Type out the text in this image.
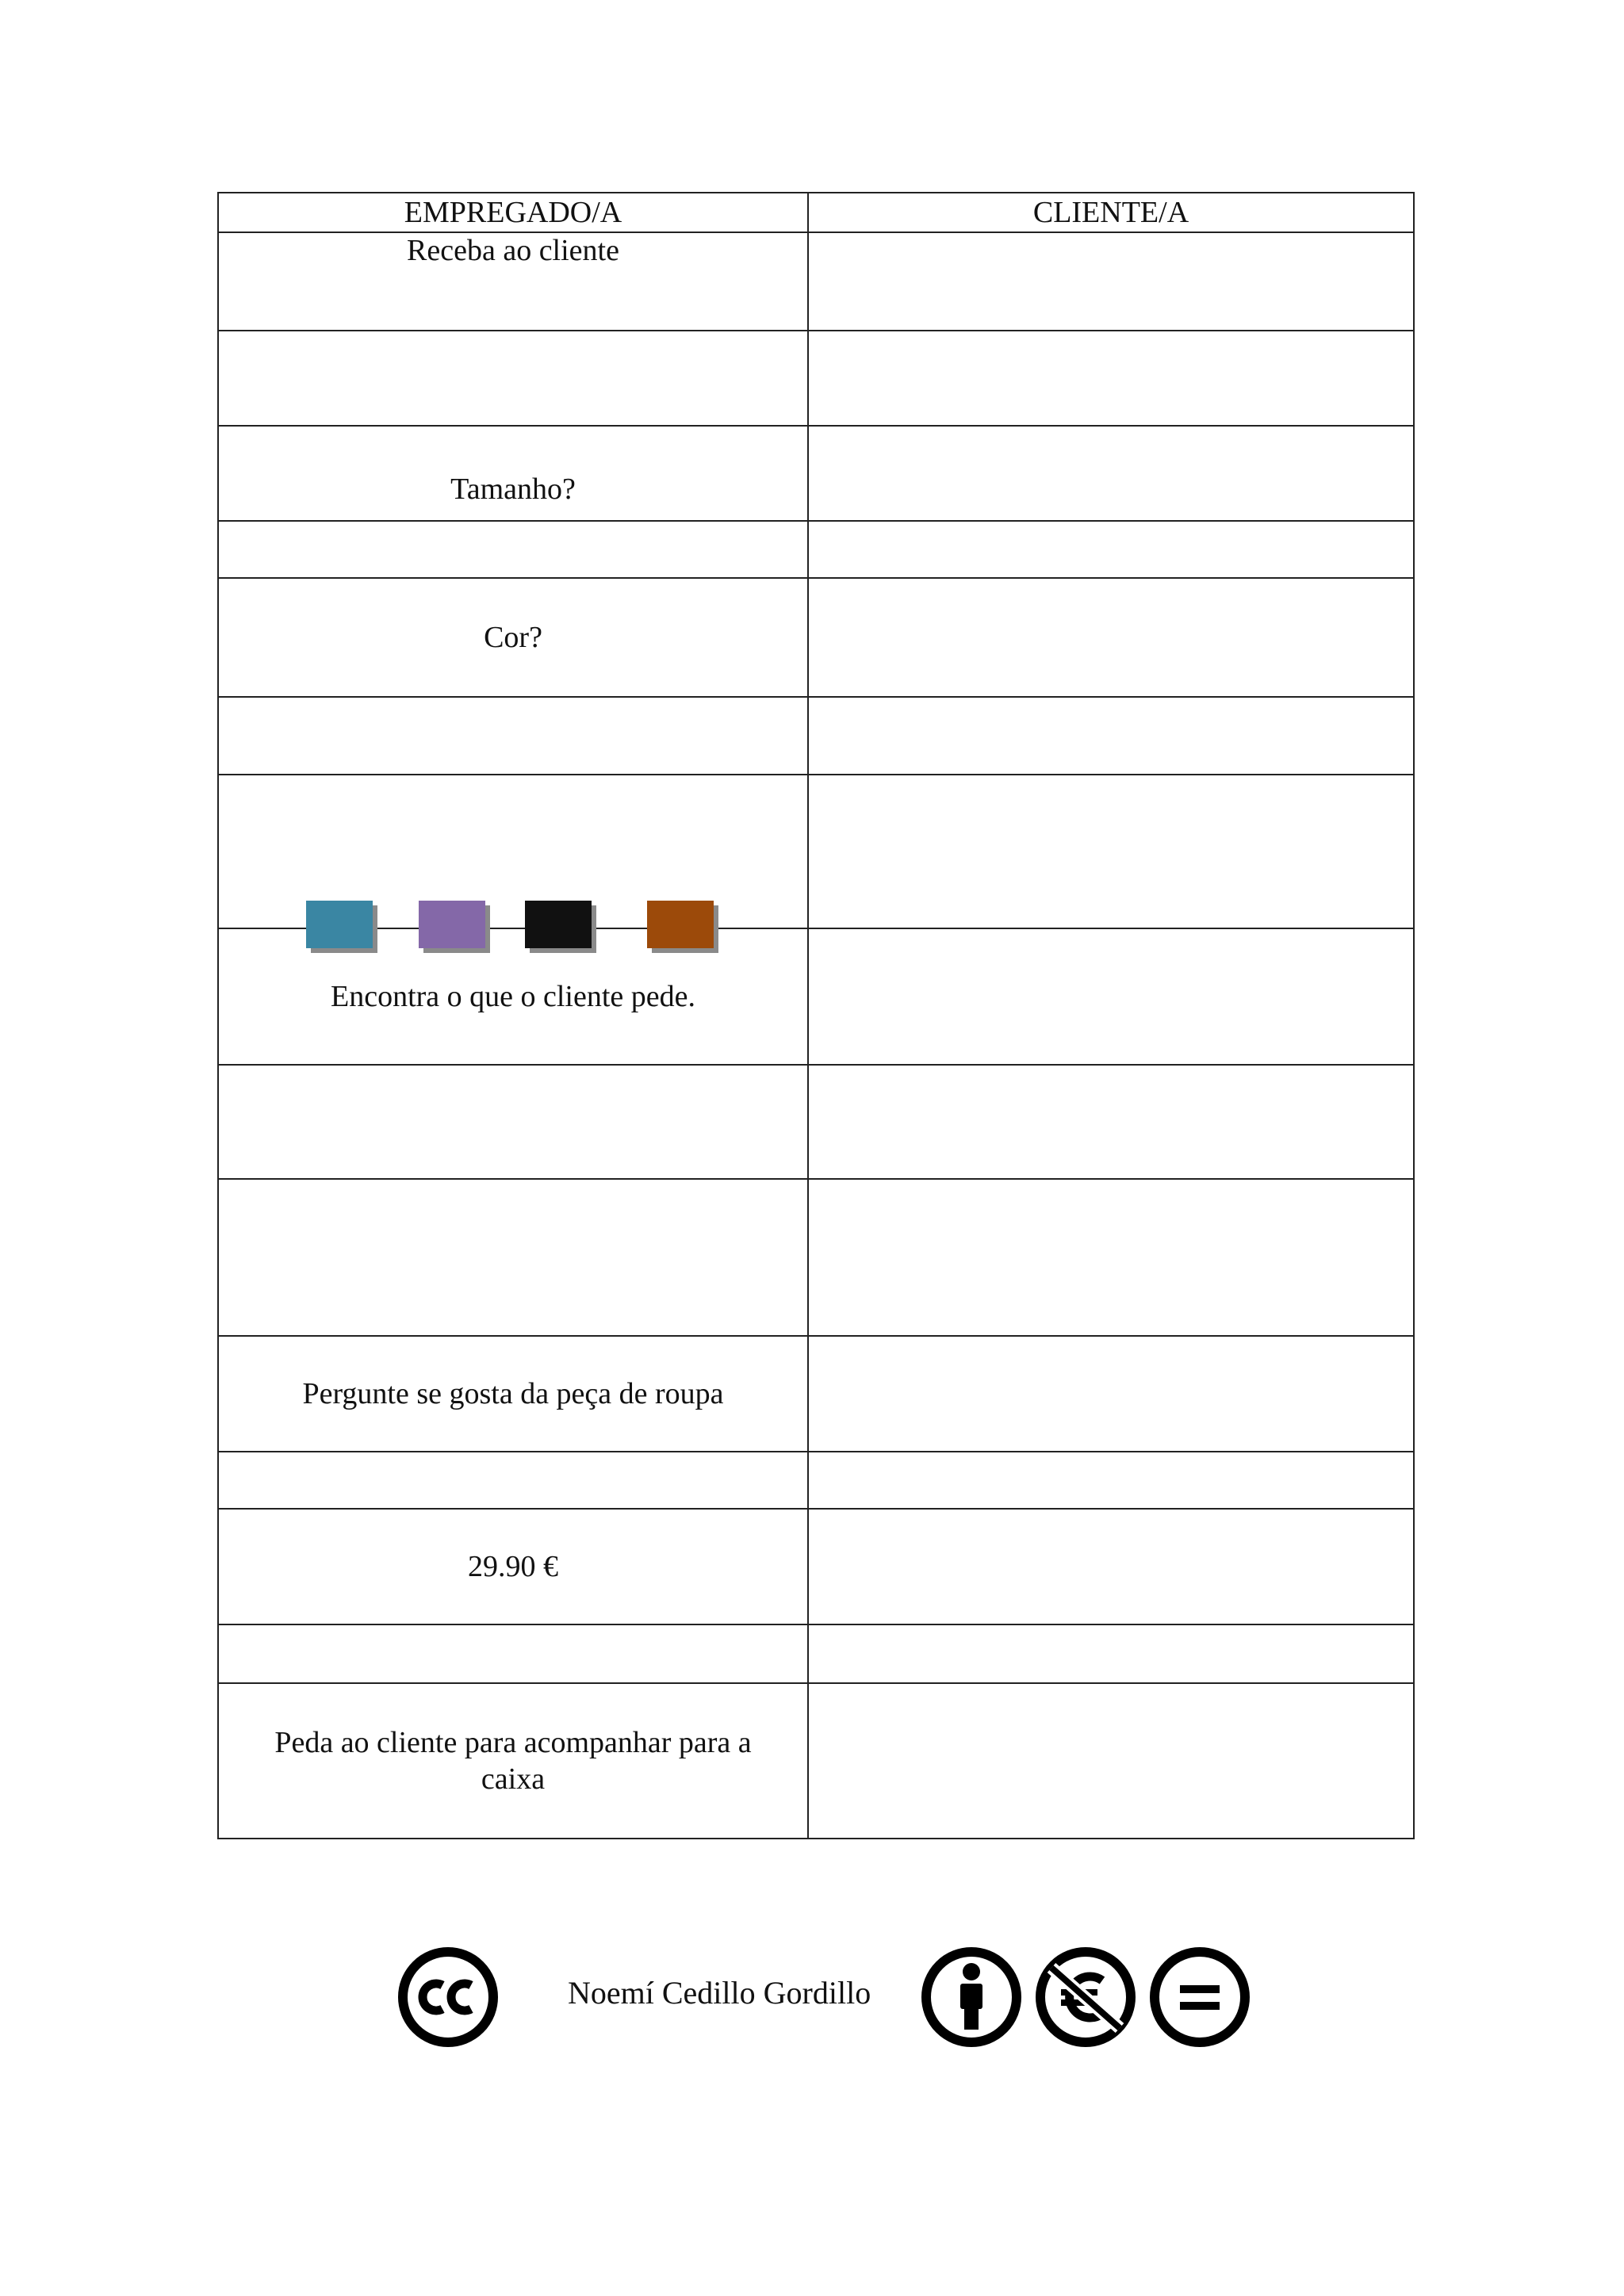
EMPREGADO/A	CLIENTE/A
Receba ao cliente	

Tamanho?	

Cor?	

Encontra o que o cliente pede.	

Pergunte se gosta da peça de roupa	

29.90 €	

Peda ao cliente para acompanhar para a caixa	
Noemí Cedillo Gordillo
